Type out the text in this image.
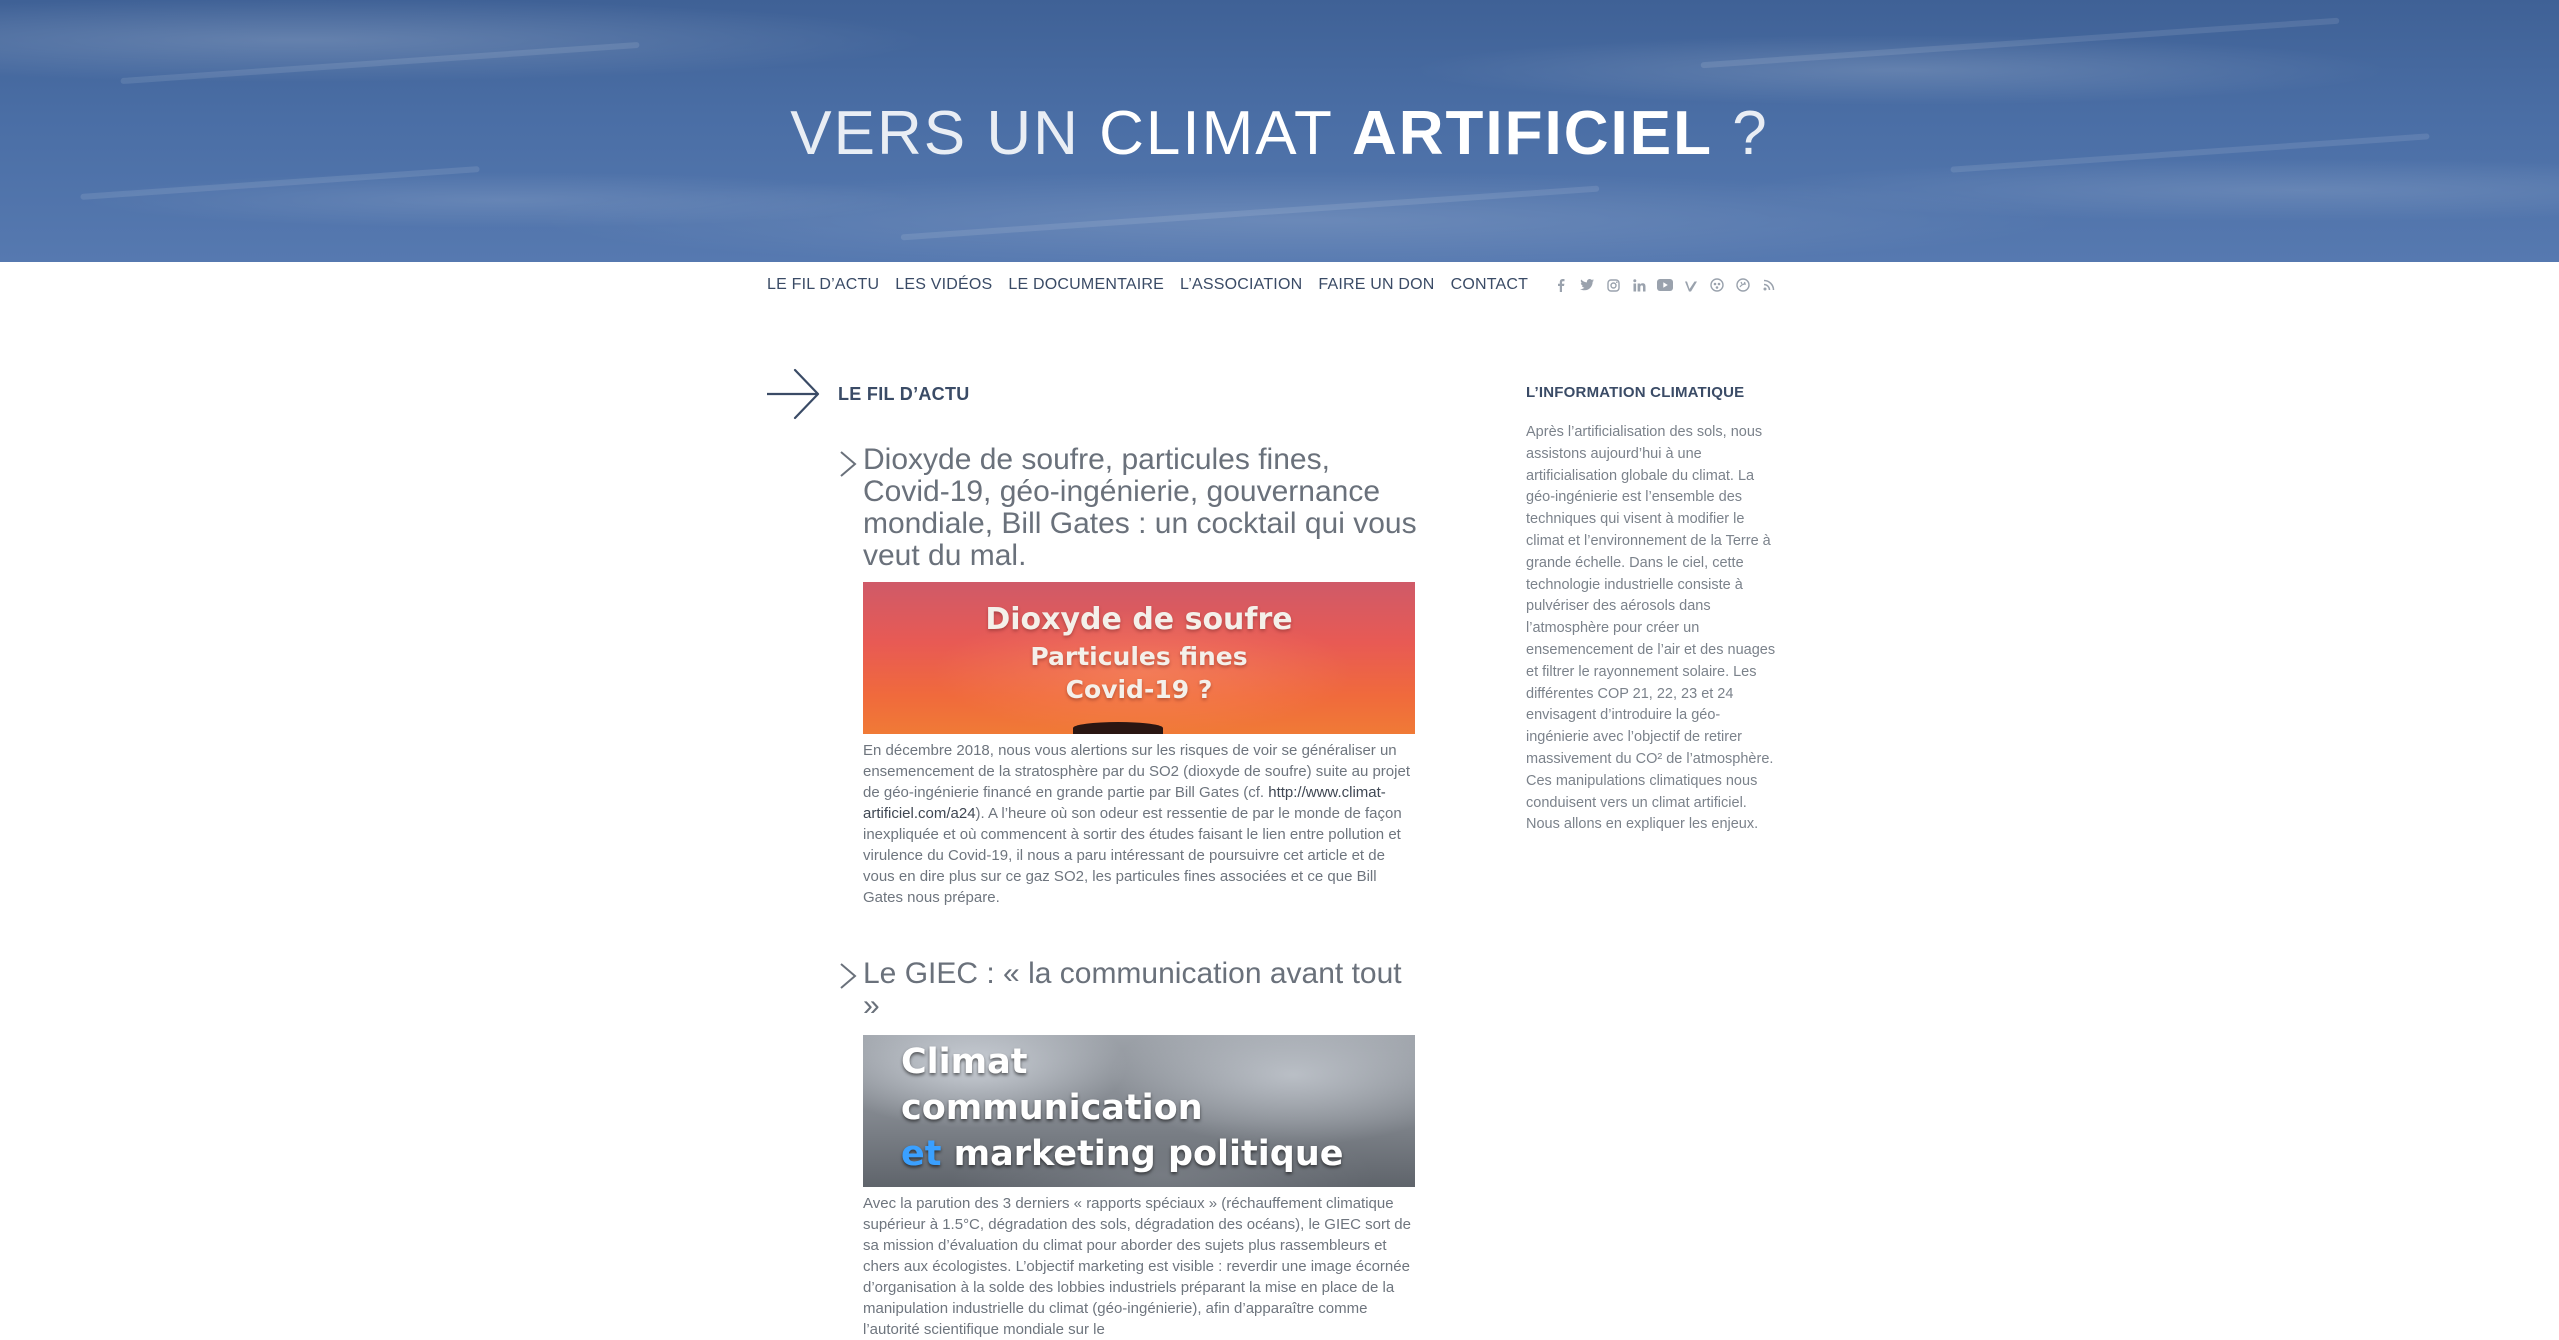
VERS UN CLIMAT ARTIFICIEL ?
LE FIL D’ACTU LES VIDÉOS LE DOCUMENTAIRE L’ASSOCIATION FAIRE UN DON CONTACT
LE FIL D’ACTU
Dioxyde de soufre, particules fines, Covid-19, géo-ingénierie, gouvernance mondiale, Bill Gates : un cocktail qui vous veut du mal.
Dioxyde de soufre
Particules fines
Covid-19 ?
En décembre 2018, nous vous alertions sur les risques de voir se généraliser un ensemencement de la stratosphère par du SO2 (dioxyde de soufre) suite au projet de géo-ingénierie financé en grande partie par Bill Gates (cf. http://www.climat-artificiel.com/a24). A l’heure où son odeur est ressentie de par le monde de façon inexpliquée et où commencent à sortir des études faisant le lien entre pollution et virulence du Covid-19, il nous a paru intéressant de poursuivre cet article et de vous en dire plus sur ce gaz SO2, les particules fines associées et ce que Bill Gates nous prépare.
Le GIEC : « la communication avant tout »
Climat
communication
et marketing politique
Avec la parution des 3 derniers « rapports spéciaux » (réchauffement climatique supérieur à 1.5°C, dégradation des sols, dégradation des océans), le GIEC sort de sa mission d’évaluation du climat pour aborder des sujets plus rassembleurs et chers aux écologistes. L’objectif marketing est visible : reverdir une image écornée d’organisation à la solde des lobbies industriels préparant la mise en place de la manipulation industrielle du climat (géo-ingénierie), afin d’apparaître comme l’autorité scientifique mondiale sur le
L’INFORMATION CLIMATIQUE
Après l’artificialisation des sols, nous assistons aujourd’hui à une artificialisation globale du climat. La géo-ingénierie est l’ensemble des techniques qui visent à modifier le climat et l’environnement de la Terre à grande échelle. Dans le ciel, cette technologie industrielle consiste à pulvériser des aérosols dans l’atmosphère pour créer un ensemencement de l’air et des nuages et filtrer le rayonnement solaire. Les différentes COP 21, 22, 23 et 24 envisagent d’introduire la géo-ingénierie avec l’objectif de retirer massivement du CO² de l’atmosphère. Ces manipulations climatiques nous conduisent vers un climat artificiel. Nous allons en expliquer les enjeux.
